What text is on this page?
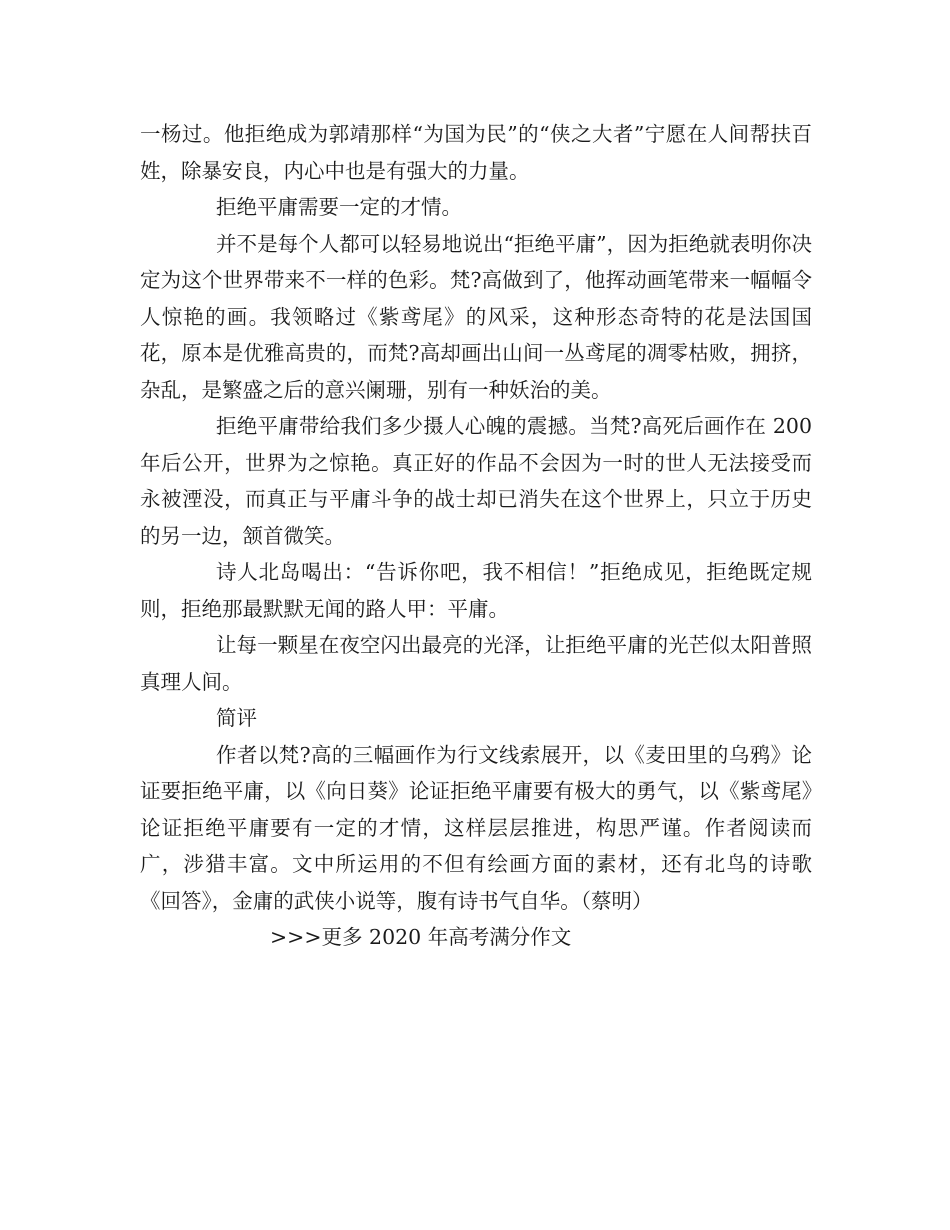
一杨过。他拒绝成为郭靖那样“为国为民”的“侠之大者”宁愿在人间帮扶百姓，除暴安良，内心中也是有强大的力量。

拒绝平庸需要一定的才情。

并不是每个人都可以轻易地说出“拒绝平庸”，因为拒绝就表明你决定为这个世界带来不一样的色彩。梵?高做到了，他挥动画笔带来一幅幅令人惊艳的画。我领略过《紫鸢尾》的风采，这种形态奇特的花是法国国花，原本是优雅高贵的，而梵?高却画出山间一丛鸢尾的凋零枯败，拥挤，杂乱，是繁盛之后的意兴阑珊，别有一种妖治的美。

拒绝平庸带给我们多少摄人心魄的震撼。当梵?高死后画作在 200 年后公开，世界为之惊艳。真正好的作品不会因为一时的世人无法接受而永被湮没，而真正与平庸斗争的战士却已消失在这个世界上，只立于历史的另一边，颔首微笑。

诗人北岛喝出：“告诉你吧，我不相信！”拒绝成见，拒绝既定规则，拒绝那最默默无闻的路人甲：平庸。

让每一颗星在夜空闪出最亮的光泽，让拒绝平庸的光芒似太阳普照真理人间。

简评

作者以梵?高的三幅画作为行文线索展开，以《麦田里的乌鸦》论证要拒绝平庸，以《向日葵》论证拒绝平庸要有极大的勇气，以《紫鸢尾》论证拒绝平庸要有一定的才情，这样层层推进，构思严谨。作者阅读而广，涉猎丰富。文中所运用的不但有绘画方面的素材，还有北鸟的诗歌《回答》，金庸的武侠小说等，腹有诗书气自华。（蔡明）

>>>更多 2020 年高考满分作文
